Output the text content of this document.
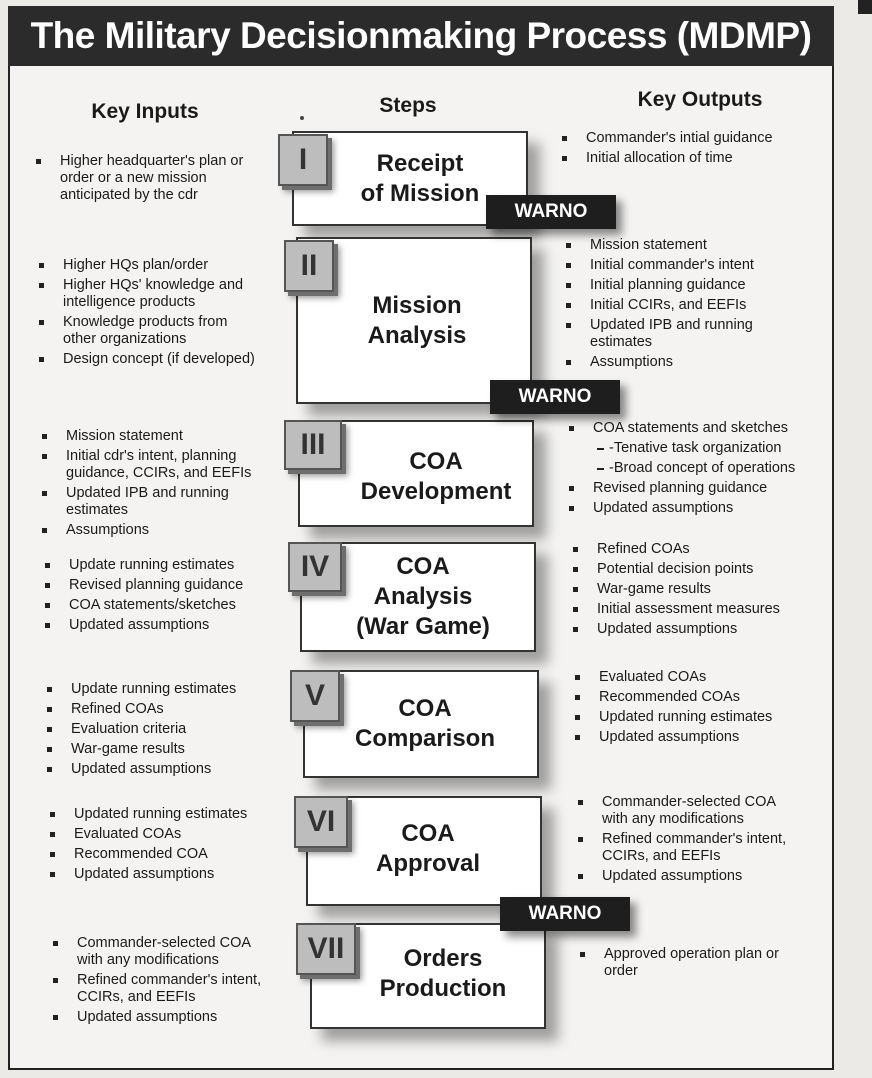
The Military Decisionmaking Process (MDMP)
Key Inputs	Steps	Key Outputs
Receipt
of Mission
Mission
Analysis
COA
Development
COA
Analysis
(War Game)
COA
Comparison
COA
Approval
Orders
Production
I
II
III
IV
V
VI
VII
WARNO
WARNO
WARNO
Higher headquarter's plan or
order or a new mission
anticipated by the cdr
Higher HQs plan/order
Higher HQs' knowledge and
intelligence products
Knowledge products from
other organizations
Design concept (if developed)
Mission statement
Initial cdr's intent, planning
guidance, CCIRs, and EEFIs
Updated IPB and running
estimates
Assumptions
Update running estimates
Revised planning guidance
COA statements/sketches
Updated assumptions
Update running estimates
Refined COAs
Evaluation criteria
War-game results
Updated assumptions
Updated running estimates
Evaluated COAs
Recommended COA
Updated assumptions
Commander-selected COA
with any modifications
Refined commander's intent,
CCIRs, and EEFIs
Updated assumptions
Commander's intial guidance
Initial allocation of time
Mission statement
Initial commander's intent
Initial planning guidance
Initial CCIRs, and EEFIs
Updated IPB and running
estimates
Assumptions
COA statements and sketches
-Tenative task organization
-Broad concept of operations
Revised planning guidance
Updated assumptions
Refined COAs
Potential decision points
War-game results
Initial assessment measures
Updated assumptions
Evaluated COAs
Recommended COAs
Updated running estimates
Updated assumptions
Commander-selected COA
with any modifications
Refined commander's intent,
CCIRs, and EEFIs
Updated assumptions
Approved operation plan or
order
